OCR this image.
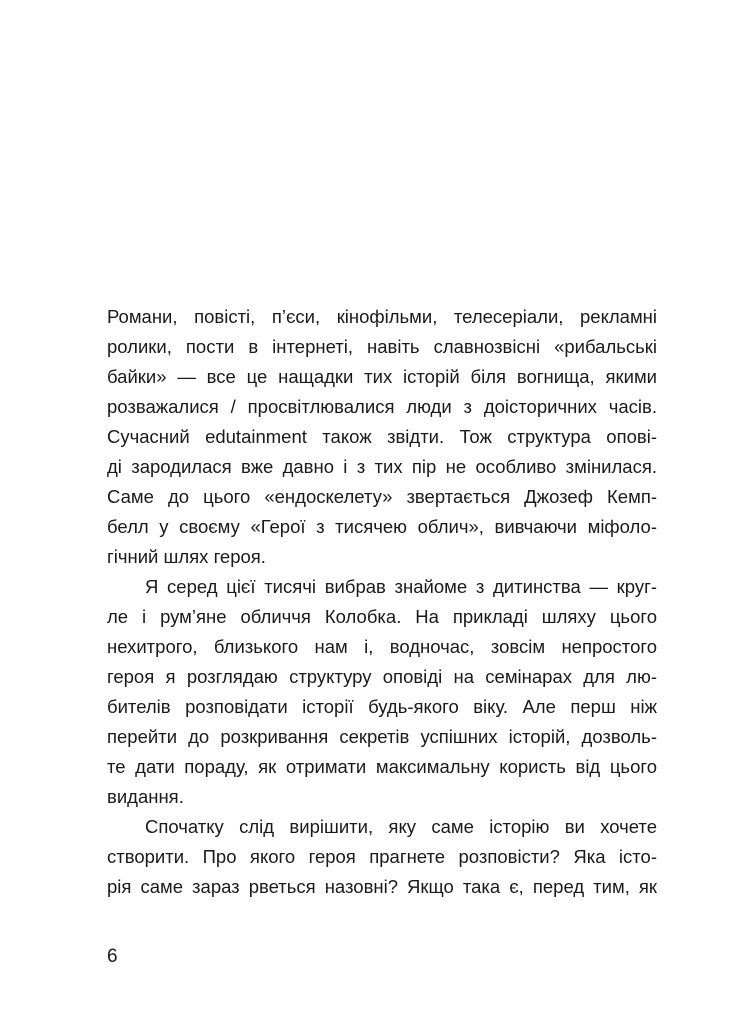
Романи, повісті, п’єси, кінофільми, телесеріали, рекламні
ролики, пости в інтернеті, навіть славнозвісні «рибальські
байки» — все це нащадки тих історій біля вогнища, якими
розважалися / просвітлювалися люди з доісторичних часів.
Сучасний edutainment також звідти. Тож структура опові-
ді зародилася вже давно і з тих пір не особливо змінилася.
Саме до цього «ендоскелету» звертається Джозеф Кемп-
белл у своєму «Герої з тисячею облич», вивчаючи міфоло-
гічний шлях героя.
Я серед цієї тисячі вибрав знайоме з дитинства — круг-
ле і рум’яне обличчя Колобка. На прикладі шляху цього
нехитрого, близького нам і, водночас, зовсім непростого
героя я розглядаю структуру оповіді на семінарах для лю-
бителів розповідати історії будь-якого віку. Але перш ніж
перейти до розкривання секретів успішних історій, дозволь-
те дати пораду, як отримати максимальну користь від цього
видання.
Спочатку слід вирішити, яку саме історію ви хочете
створити. Про якого героя прагнете розповісти? Яка істо-
рія саме зараз рветься назовні? Якщо така є, перед тим, як
6
